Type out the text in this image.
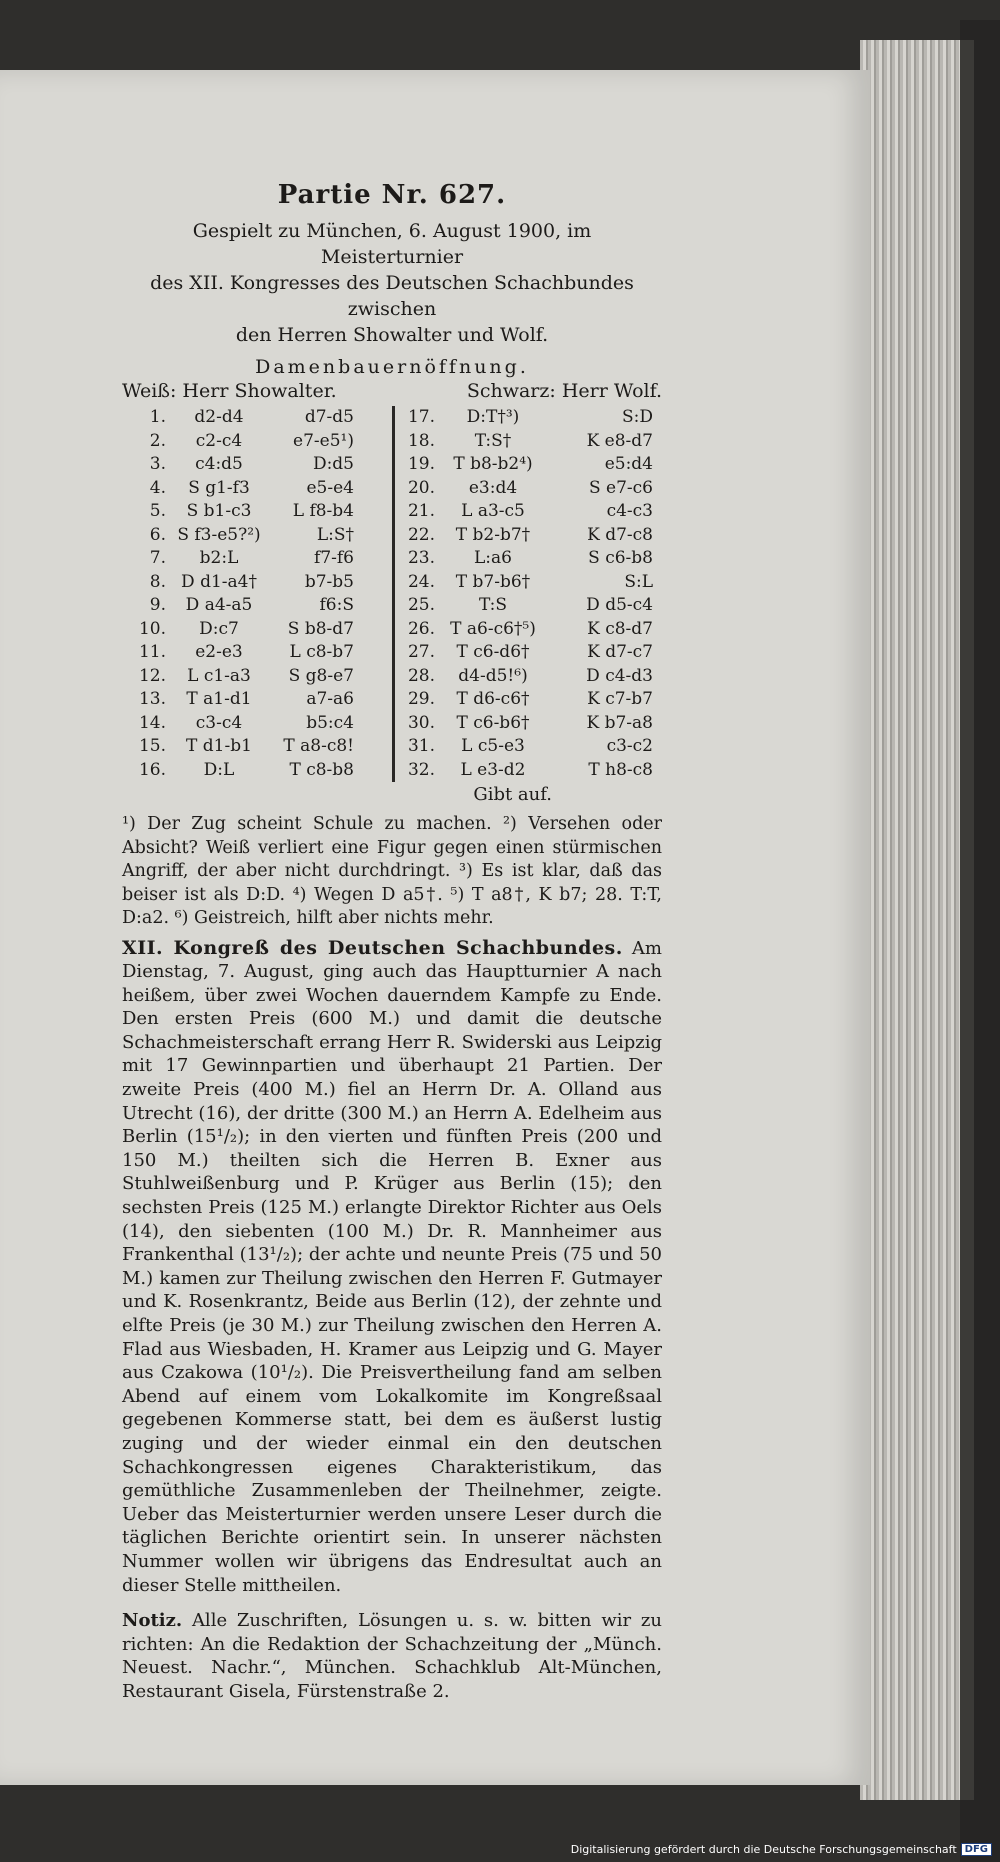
Partie Nr. 627.

Gespielt zu München, 6. August 1900, im Meisterturnier
des XII. Kongresses des Deutschen Schachbundes zwischen
den Herren Showalter und Wolf.

Damenbauernöffnung.
Weiß: Herr Showalter.	Schwarz: Herr Wolf.
1.	d2-d4	d7-d5
2.	c2-c4	e7-e5¹)
3.	c4:d5	D:d5
4.	S g1-f3	e5-e4
5.	S b1-c3	L f8-b4
6. S f3-e5?²)	L:S†
7.	b2:L	f7-f6
8. D d1-a4†	b7-b5
9.	D a4-a5	f6:S
10.	D:c7	S b8-d7
11.	e2-e3	L c8-b7
12.	L c1-a3	S g8-e7
13.	T a1-d1	a7-a6
14.	c3-c4	b5:c4
15.	T d1-b1	T a8-c8!
16.	D:L	T c8-b8
17.	D:T†³)	S:D
18.	T:S†	K e8-d7
19.	T b8-b2⁴)	e5:d4
20.	e3:d4	S e7-c6
21.	L a3-c5	c4-c3
22.	T b2-b7†	K d7-c8
23.	L:a6	S c6-b8
24.	T b7-b6†	S:L
25.	T:S	D d5-c4
26. T a6-c6†⁵)	K c8-d7
27.	T c6-d6†	K d7-c7
28.	d4-d5!⁶)	D c4-d3
29.	T d6-c6†	K c7-b7
30.	T c6-b6†	K b7-a8
31.	L c5-e3	c3-c2
32.	L e3-d2	T h8-c8
Gibt auf.

¹) Der Zug scheint Schule zu machen. ²) Versehen oder Absicht? Weiß verliert eine Figur gegen einen stürmischen Angriff, der aber nicht durchdringt. ³) Es ist klar, daß das beiser ist als D:D. ⁴) Wegen D a5†. ⁵) T a8†, K b7; 28. T:T, D:a2. ⁶) Geistreich, hilft aber nichts mehr.

XII. Kongreß des Deutschen Schachbundes. Am Dienstag, 7. August, ging auch das Hauptturnier A nach heißem, über zwei Wochen dauerndem Kampfe zu Ende. Den ersten Preis (600 M.) und damit die deutsche Schachmeisterschaft errang Herr R. Swiderski aus Leipzig mit 17 Gewinnpartien und überhaupt 21 Partien. Der zweite Preis (400 M.) fiel an Herrn Dr. A. Olland aus Utrecht (16), der dritte (300 M.) an Herrn A. Edelheim aus Berlin (15¹/₂); in den vierten und fünften Preis (200 und 150 M.) theilten sich die Herren B. Exner aus Stuhlweißenburg und P. Krüger aus Berlin (15); den sechsten Preis (125 M.) erlangte Direktor Richter aus Oels (14), den siebenten (100 M.) Dr. R. Mannheimer aus Frankenthal (13¹/₂); der achte und neunte Preis (75 und 50 M.) kamen zur Theilung zwischen den Herren F. Gutmayer und K. Rosenkrantz, Beide aus Berlin (12), der zehnte und elfte Preis (je 30 M.) zur Theilung zwischen den Herren A. Flad aus Wiesbaden, H. Kramer aus Leipzig und G. Mayer aus Czakowa (10¹/₂). Die Preisvertheilung fand am selben Abend auf einem vom Lokalkomite im Kongreßsaal gegebenen Kommerse statt, bei dem es äußerst lustig zuging und der wieder einmal ein den deutschen Schachkongressen eigenes Charakteristikum, das gemüthliche Zusammenleben der Theilnehmer, zeigte. Ueber das Meisterturnier werden unsere Leser durch die täglichen Berichte orientirt sein. In unserer nächsten Nummer wollen wir übrigens das Endresultat auch an dieser Stelle mittheilen.

Notiz. Alle Zuschriften, Lösungen u. s. w. bitten wir zu richten: An die Redaktion der Schachzeitung der „Münch. Neuest. Nachr.“, München. Schachklub Alt-München, Restaurant Gisela, Fürstenstraße 2.

Digitalisierung gefördert durch die Deutsche Forschungsgemeinschaft DFG
